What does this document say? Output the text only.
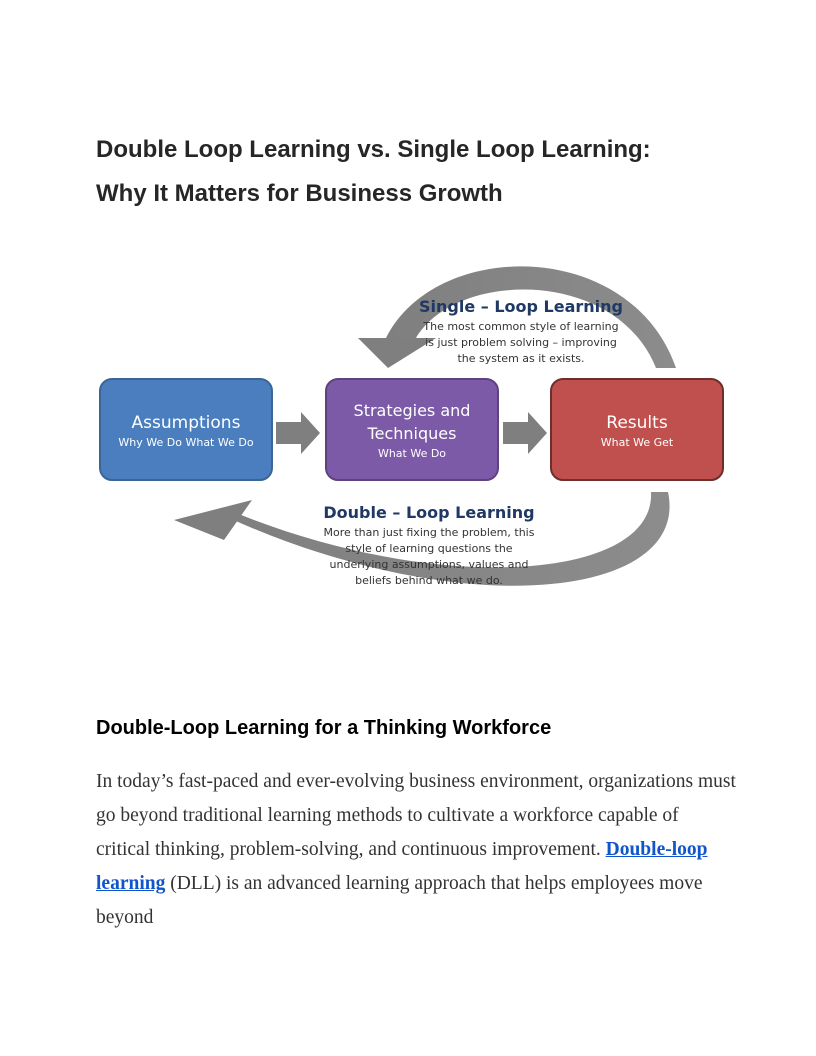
Double Loop Learning vs. Single Loop Learning:
Why It Matters for Business Growth
Assumptions
Why We Do What We Do
Strategies and
Techniques
What We Do
Results
What We Get
Single – Loop Learning
The most common style of learning
is just problem solving – improving
the system as it exists.
Double – Loop Learning
More than just fixing the problem, this
style of learning questions the
underlying assumptions, values and
beliefs behind what we do.
Double-Loop Learning for a Thinking Workforce

In today’s fast-paced and ever-evolving business environment, organizations must go beyond traditional learning methods to cultivate a workforce capable of critical thinking, problem-solving, and continuous improvement. Double-loop learning (DLL) is an advanced learning approach that helps employees move beyond
